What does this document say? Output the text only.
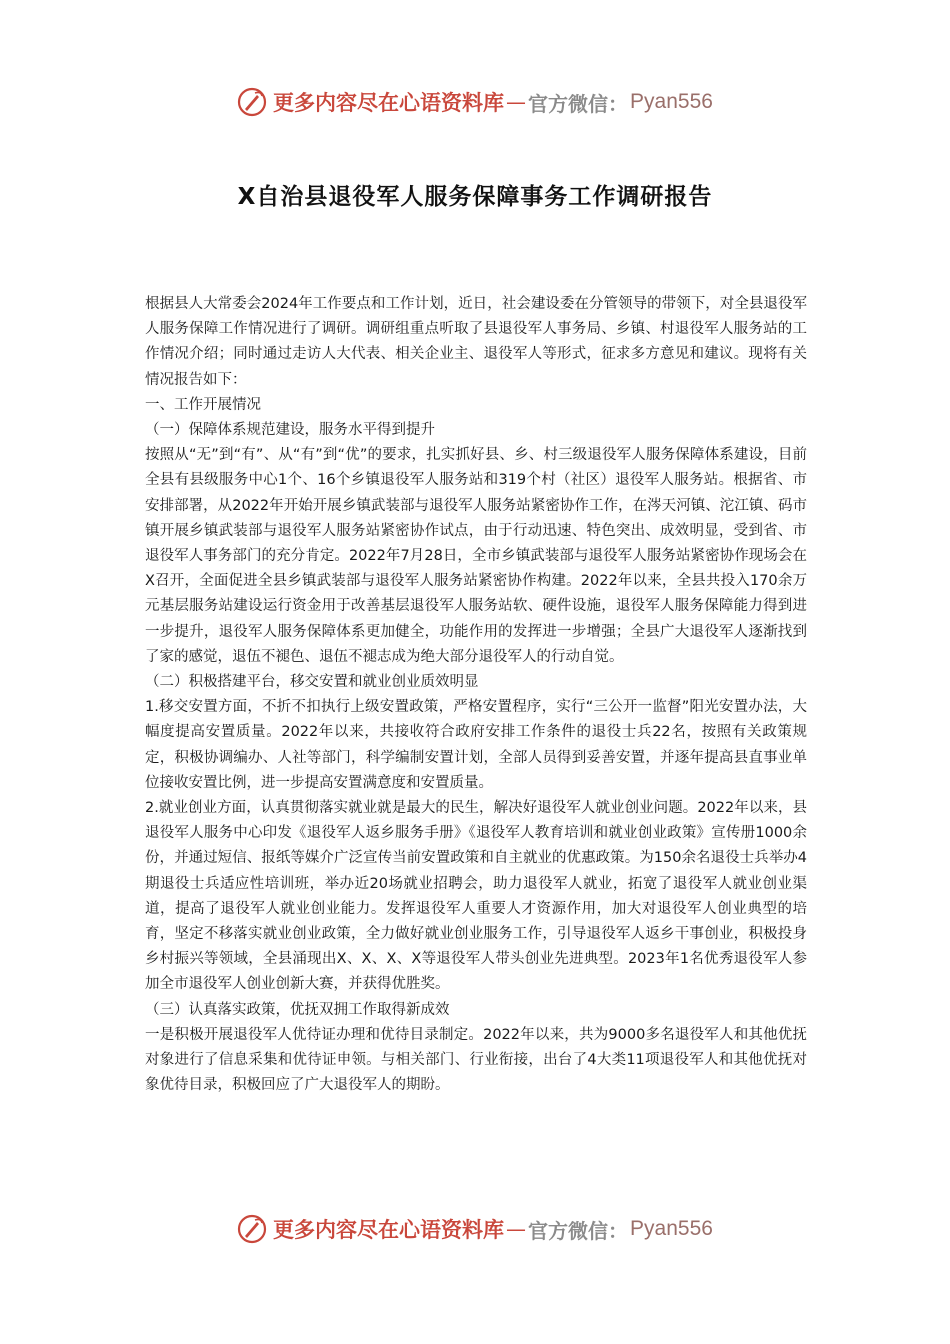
更多内容尽在心语资料库 — 官方微信： Pyan556
X自治县退役军人服务保障事务工作调研报告

根据县人大常委会2024年工作要点和工作计划，近日，社会建设委在分管领导的带领下，对全县退役军人服务保障工作情况进行了调研。调研组重点听取了县退役军人事务局、乡镇、村退役军人服务站的工作情况介绍；同时通过走访人大代表、相关企业主、退役军人等形式，征求多方意见和建议。现将有关情况报告如下：

一、工作开展情况

（一）保障体系规范建设，服务水平得到提升

按照从“无”到“有”、从“有”到“优”的要求，扎实抓好县、乡、村三级退役军人服务保障体系建设，目前全县有县级服务中心1个、16个乡镇退役军人服务站和319个村（社区）退役军人服务站。根据省、市安排部署，从2022年开始开展乡镇武装部与退役军人服务站紧密协作工作，在涔天河镇、沱江镇、码市镇开展乡镇武装部与退役军人服务站紧密协作试点，由于行动迅速、特色突出、成效明显，受到省、市退役军人事务部门的充分肯定。2022年7月28日，全市乡镇武装部与退役军人服务站紧密协作现场会在X召开，全面促进全县乡镇武装部与退役军人服务站紧密协作构建。2022年以来，全县共投入170余万元基层服务站建设运行资金用于改善基层退役军人服务站软、硬件设施，退役军人服务保障能力得到进一步提升，退役军人服务保障体系更加健全，功能作用的发挥进一步增强；全县广大退役军人逐渐找到了家的感觉，退伍不褪色、退伍不褪志成为绝大部分退役军人的行动自觉。

（二）积极搭建平台，移交安置和就业创业质效明显

1.移交安置方面，不折不扣执行上级安置政策，严格安置程序，实行“三公开一监督”阳光安置办法，大幅度提高安置质量。2022年以来，共接收符合政府安排工作条件的退役士兵22名，按照有关政策规定，积极协调编办、人社等部门，科学编制安置计划，全部人员得到妥善安置，并逐年提高县直事业单位接收安置比例，进一步提高安置满意度和安置质量。

2.就业创业方面，认真贯彻落实就业就是最大的民生，解决好退役军人就业创业问题。2022年以来，县退役军人服务中心印发《退役军人返乡服务手册》《退役军人教育培训和就业创业政策》宣传册1000余份，并通过短信、报纸等媒介广泛宣传当前安置政策和自主就业的优惠政策。为150余名退役士兵举办4期退役士兵适应性培训班，举办近20场就业招聘会，助力退役军人就业，拓宽了退役军人就业创业渠道，提高了退役军人就业创业能力。发挥退役军人重要人才资源作用，加大对退役军人创业典型的培育，坚定不移落实就业创业政策，全力做好就业创业服务工作，引导退役军人返乡干事创业，积极投身乡村振兴等领域，全县涌现出X、X、X、X等退役军人带头创业先进典型。2023年1名优秀退役军人参加全市退役军人创业创新大赛，并获得优胜奖。

（三）认真落实政策，优抚双拥工作取得新成效

一是积极开展退役军人优待证办理和优待目录制定。2022年以来，共为9000多名退役军人和其他优抚对象进行了信息采集和优待证申领。与相关部门、行业衔接，出台了4大类11项退役军人和其他优抚对象优待目录，积极回应了广大退役军人的期盼。

更多内容尽在心语资料库 — 官方微信： Pyan556
